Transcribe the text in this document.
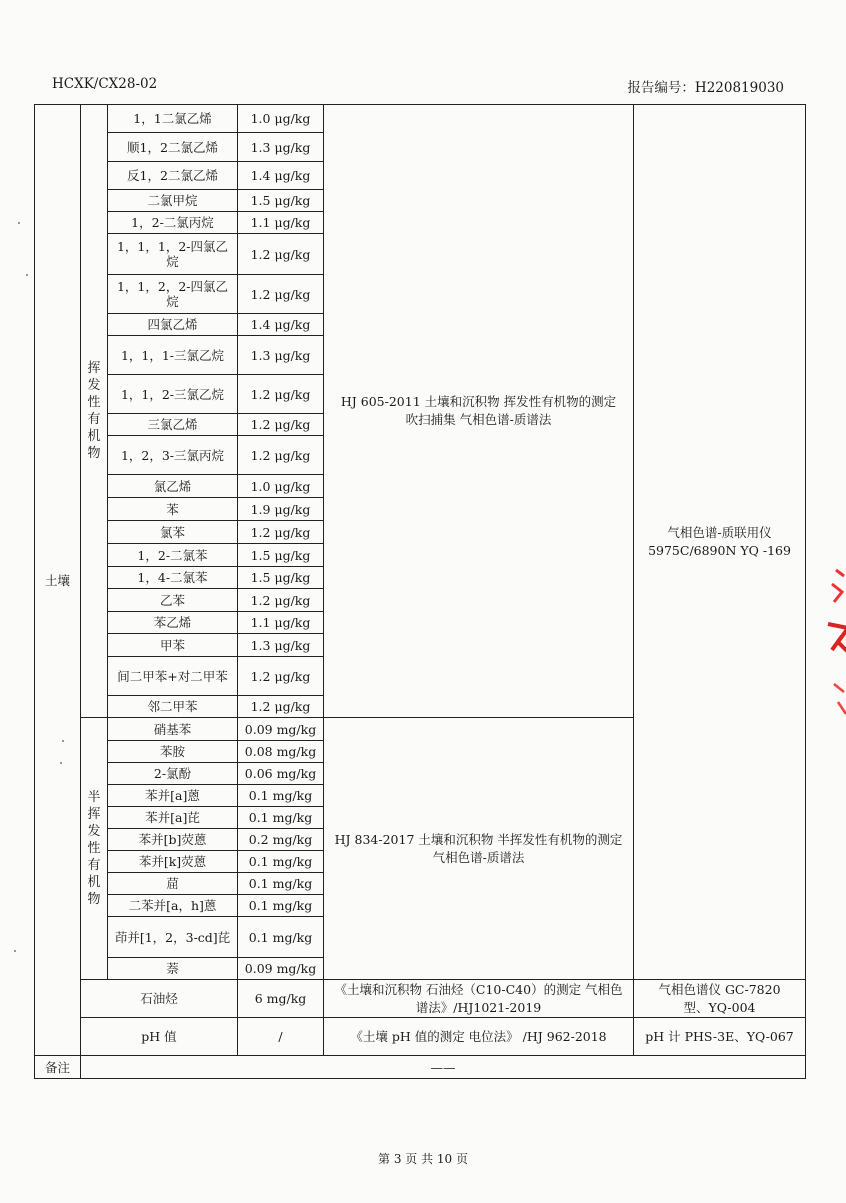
HCXK/CX28-02	报告编号：H220819030
土壤	挥发性有机物	1，1二氯乙烯	1.0 μg/kg	HJ 605-2011 土壤和沉积物 挥发性有机物的测定 吹扫捕集 气相色谱-质谱法	气相色谱-质联用仪 5975C/6890N YQ -169
		顺1，2二氯乙烯	1.3 μg/kg		
		反1，2二氯乙烯	1.4 μg/kg		
		二氯甲烷	1.5 μg/kg		
		1，2-二氯丙烷	1.1 μg/kg		
		1，1，1，2-四氯乙烷	1.2 μg/kg		
		1，1，2，2-四氯乙烷	1.2 μg/kg		
		四氯乙烯	1.4 μg/kg		
		1，1，1-三氯乙烷	1.3 μg/kg		
		1，1，2-三氯乙烷	1.2 μg/kg		
		三氯乙烯	1.2 μg/kg		
		1，2，3-三氯丙烷	1.2 μg/kg		
		氯乙烯	1.0 μg/kg		
		苯	1.9 μg/kg		
		氯苯	1.2 μg/kg		
		1，2-二氯苯	1.5 μg/kg		
		1，4-二氯苯	1.5 μg/kg		
		乙苯	1.2 μg/kg		
		苯乙烯	1.1 μg/kg		
		甲苯	1.3 μg/kg		
		间二甲苯+对二甲苯	1.2 μg/kg		
		邻二甲苯	1.2 μg/kg		

	半挥发性有机物	硝基苯	0.09 mg/kg	HJ 834-2017 土壤和沉积物 半挥发性有机物的测定 气相色谱-质谱法	
		苯胺	0.08 mg/kg		
		2-氯酚	0.06 mg/kg		
		苯并[a]蒽	0.1 mg/kg		
		苯并[a]芘	0.1 mg/kg		
		苯并[b]荧蒽	0.2 mg/kg		
		苯并[k]荧蒽	0.1 mg/kg		
		䓛	0.1 mg/kg		
		二苯并[a，h]蒽	0.1 mg/kg		
		茚并[1，2，3-cd]芘	0.1 mg/kg		
		萘	0.09 mg/kg		
	石油烃		6 mg/kg	《土壤和沉积物 石油烃（C10-C40）的测定 气相色谱法》/HJ1021-2019	气相色谱仪 GC-7820 型、YQ-004
	pH 值		/	《土壤 pH 值的测定 电位法》 /HJ 962-2018	pH 计 PHS-3E、YQ-067
备注	——				
第 3 页 共 10 页
